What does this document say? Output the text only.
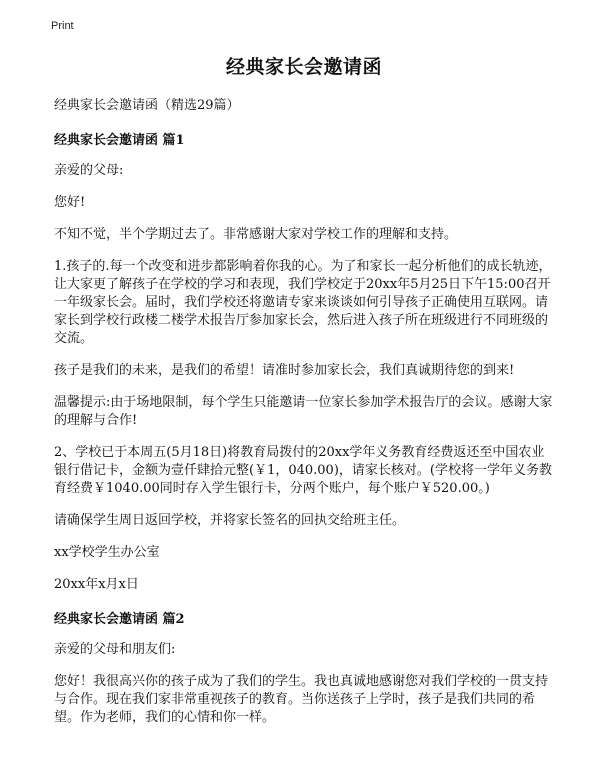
Print
经典家长会邀请函

经典家长会邀请函（精选29篇）

经典家长会邀请函 篇1

亲爱的父母:

您好!

不知不觉，半个学期过去了。非常感谢大家对学校工作的理解和支持。

1.孩子的.每一个改变和进步都影响着你我的心。为了和家长一起分析他们的成长轨迹，让大家更了解孩子在学校的学习和表现，我们学校定于20xx年5月25日下午15:00召开一年级家长会。届时，我们学校还将邀请专家来谈谈如何引导孩子正确使用互联网。请家长到学校行政楼二楼学术报告厅参加家长会，然后进入孩子所在班级进行不同班级的交流。

孩子是我们的未来，是我们的希望！请准时参加家长会，我们真诚期待您的到来!

温馨提示:由于场地限制，每个学生只能邀请一位家长参加学术报告厅的会议。感谢大家的理解与合作!

2、学校已于本周五(5月18日)将教育局拨付的20xx学年义务教育经费返还至中国农业银行借记卡，金额为壹仟肆拾元整(￥1，040.00)，请家长核对。(学校将一学年义务教育经费￥1040.00同时存入学生银行卡，分两个账户，每个账户￥520.00。)

请确保学生周日返回学校，并将家长签名的回执交给班主任。

xx学校学生办公室

20xx年x月x日

经典家长会邀请函 篇2

亲爱的父母和朋友们:

您好！我很高兴你的孩子成为了我们的学生。我也真诚地感谢您对我们学校的一贯支持与合作。现在我们家非常重视孩子的教育。当你送孩子上学时，孩子是我们共同的希望。作为老师，我们的心情和你一样。
